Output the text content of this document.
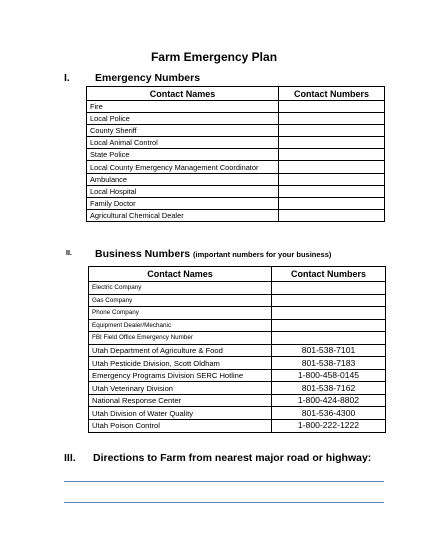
Farm Emergency Plan
I. Emergency Numbers
Contact Names	Contact Numbers
Fire	
Local Police	
County Sheriff	
Local Animal Control	
State Police	
Local County Emergency Management Coordinator	
Ambulance	
Local Hospital	
Family Doctor	
Agricultural Chemical Dealer	
II. Business Numbers (important numbers for your business)
Contact Names	Contact Numbers
Electric Company	
Gas Company	
Phone Company	
Equipment Dealer/Mechanic	
FBI Field Office Emergency Number	
Utah Department of Agriculture & Food	801-538-7101
Utah Pesticide Division, Scott Oldham	801-538-7183
Emergency Programs Division SERC Hotline	1-800-458-0145
Utah Veterinary Division	801-538-7162
National Response Center	1-800-424-8802
Utah Division of Water Quality	801-536-4300
Utah Poison Control	1-800-222-1222
III. Directions to Farm from nearest major road or highway:
